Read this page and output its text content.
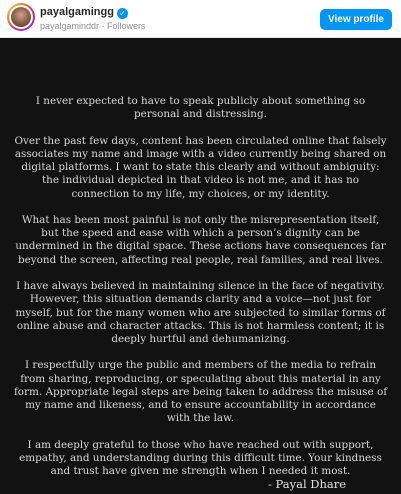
payalgamingg ✓
payalgaminddr · Followers
View profile

I never expected to have to speak publicly about something so personal and distressing.

Over the past few days, content has been circulated online that falsely associates my name and image with a video currently being shared on digital platforms. I want to state this clearly and without ambiguity: the individual depicted in that video is not me, and it has no connection to my life, my choices, or my identity.

What has been most painful is not only the misrepresentation itself, but the speed and ease with which a person’s dignity can be undermined in the digital space. These actions have consequences far beyond the screen, affecting real people, real families, and real lives.

I have always believed in maintaining silence in the face of negativity. However, this situation demands clarity and a voice—not just for myself, but for the many women who are subjected to similar forms of online abuse and character attacks. This is not harmless content; it is deeply hurtful and dehumanizing.

I respectfully urge the public and members of the media to refrain from sharing, reproducing, or speculating about this material in any form. Appropriate legal steps are being taken to address the misuse of my name and likeness, and to ensure accountability in accordance with the law.

I am deeply grateful to those who have reached out with support, empathy, and understanding during this difficult time. Your kindness and trust have given me strength when I needed it most.

- Payal Dhare
